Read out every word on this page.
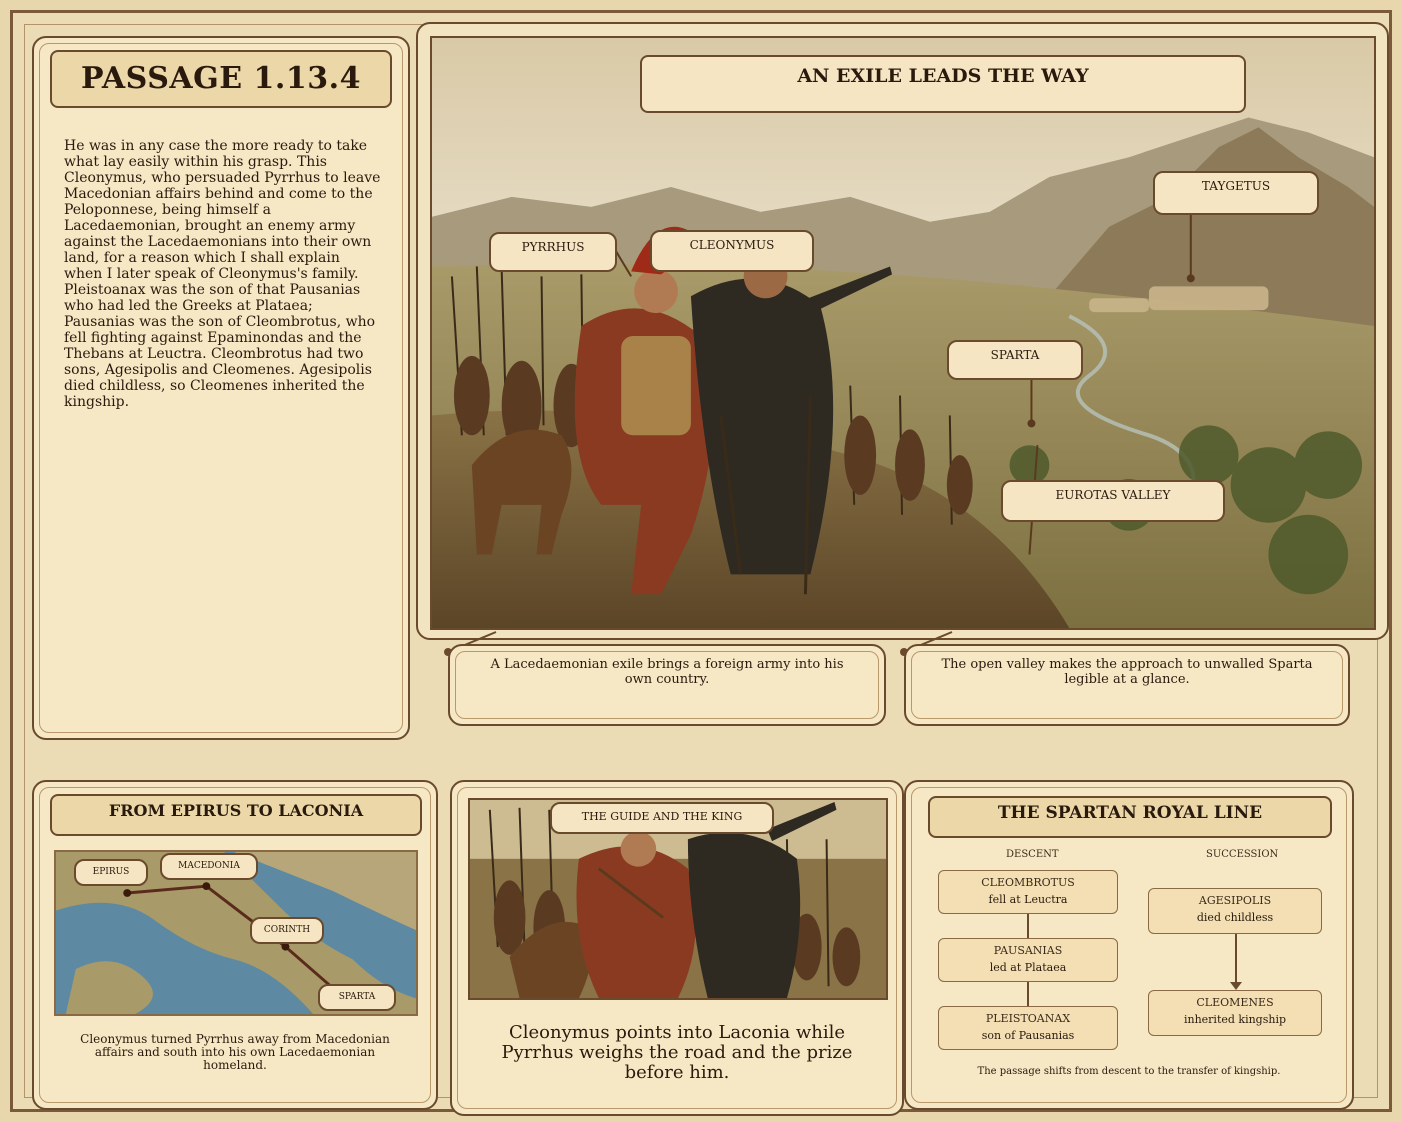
PASSAGE 1.13.4
He was in any case the more ready to take what lay easily within his grasp. This Cleonymus, who persuaded Pyrrhus to leave Macedonian affairs behind and come to the Peloponnese, being himself a Lacedaemonian, brought an enemy army against the Lacedaemonians into their own land, for a reason which I shall explain when I later speak of Cleonymus's family. Pleistoanax was the son of that Pausanias who had led the Greeks at Plataea; Pausanias was the son of Cleombrotus, who fell fighting against Epaminondas and the Thebans at Leuctra. Cleombrotus had two sons, Agesipolis and Cleomenes. Agesipolis died childless, so Cleomenes inherited the kingship.
AN EXILE LEADS THE WAY
PYRRHUS	CLEONYMUS
TAYGETUS
SPARTA
EUROTAS VALLEY
A Lacedaemonian exile brings a foreign army into his own country.
The open valley makes the approach to unwalled Sparta legible at a glance.
FROM EPIRUS TO LACONIA
EPIRUS
MACEDONIA
CORINTH
SPARTA
Cleonymus turned Pyrrhus away from Macedonian affairs and south into his own Lacedaemonian homeland.
THE GUIDE AND THE KING
Cleonymus points into Laconia while Pyrrhus weighs the road and the prize before him.
THE SPARTAN ROYAL LINE
DESCENT	SUCCESSION
CLEOMBROTUS
fell at Leuctra
PAUSANIAS
led at Plataea
PLEISTOANAX
son of Pausanias
AGESIPOLIS
died childless
CLEOMENES
inherited kingship
The passage shifts from descent to the transfer of kingship.
